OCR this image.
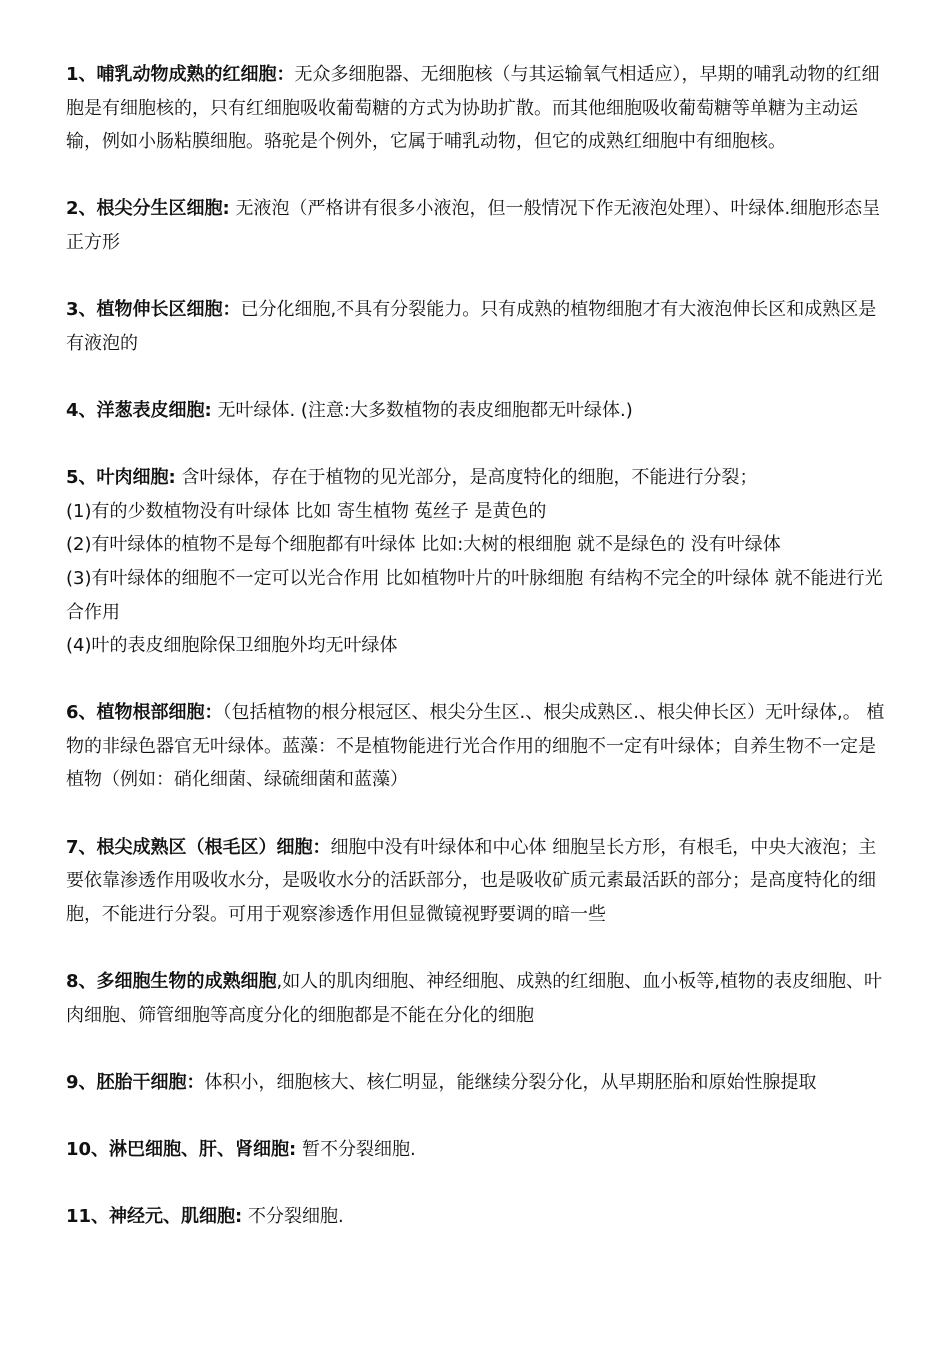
1、哺乳动物成熟的红细胞：无众多细胞器、无细胞核（与其运输氧气相适应），早期的哺乳动物的红细胞是有细胞核的，只有红细胞吸收葡萄糖的方式为协助扩散。而其他细胞吸收葡萄糖等单糖为主动运输，例如小肠粘膜细胞。骆驼是个例外，它属于哺乳动物，但它的成熟红细胞中有细胞核。

2、根尖分生区细胞: 无液泡（严格讲有很多小液泡，但一般情况下作无液泡处理）、叶绿体.细胞形态呈正方形

3、植物伸长区细胞：已分化细胞,不具有分裂能力。只有成熟的植物细胞才有大液泡伸长区和成熟区是有液泡的

4、洋葱表皮细胞: 无叶绿体. (注意:大多数植物的表皮细胞都无叶绿体.)

5、叶肉细胞: 含叶绿体，存在于植物的见光部分，是高度特化的细胞，不能进行分裂；

(1)有的少数植物没有叶绿体 比如 寄生植物 菟丝子 是黄色的

(2)有叶绿体的植物不是每个细胞都有叶绿体 比如:大树的根细胞 就不是绿色的 没有叶绿体

(3)有叶绿体的细胞不一定可以光合作用 比如植物叶片的叶脉细胞 有结构不完全的叶绿体 就不能进行光合作用

(4)叶的表皮细胞除保卫细胞外均无叶绿体

6、植物根部细胞：（包括植物的根分根冠区、根尖分生区.、根尖成熟区.、根尖伸长区）无叶绿体,。 植物的非绿色器官无叶绿体。蓝藻：不是植物能进行光合作用的细胞不一定有叶绿体；自养生物不一定是植物（例如：硝化细菌、绿硫细菌和蓝藻）

7、根尖成熟区（根毛区）细胞：细胞中没有叶绿体和中心体 细胞呈长方形，有根毛，中央大液泡；主要依靠渗透作用吸收水分，是吸收水分的活跃部分，也是吸收矿质元素最活跃的部分；是高度特化的细胞，不能进行分裂。可用于观察渗透作用但显微镜视野要调的暗一些

8、多细胞生物的成熟细胞,如人的肌肉细胞、神经细胞、成熟的红细胞、血小板等,植物的表皮细胞、叶肉细胞、筛管细胞等高度分化的细胞都是不能在分化的细胞

9、胚胎干细胞：体积小，细胞核大、核仁明显，能继续分裂分化，从早期胚胎和原始性腺提取

10、淋巴细胞、肝、肾细胞: 暂不分裂细胞.

11、神经元、肌细胞: 不分裂细胞.
